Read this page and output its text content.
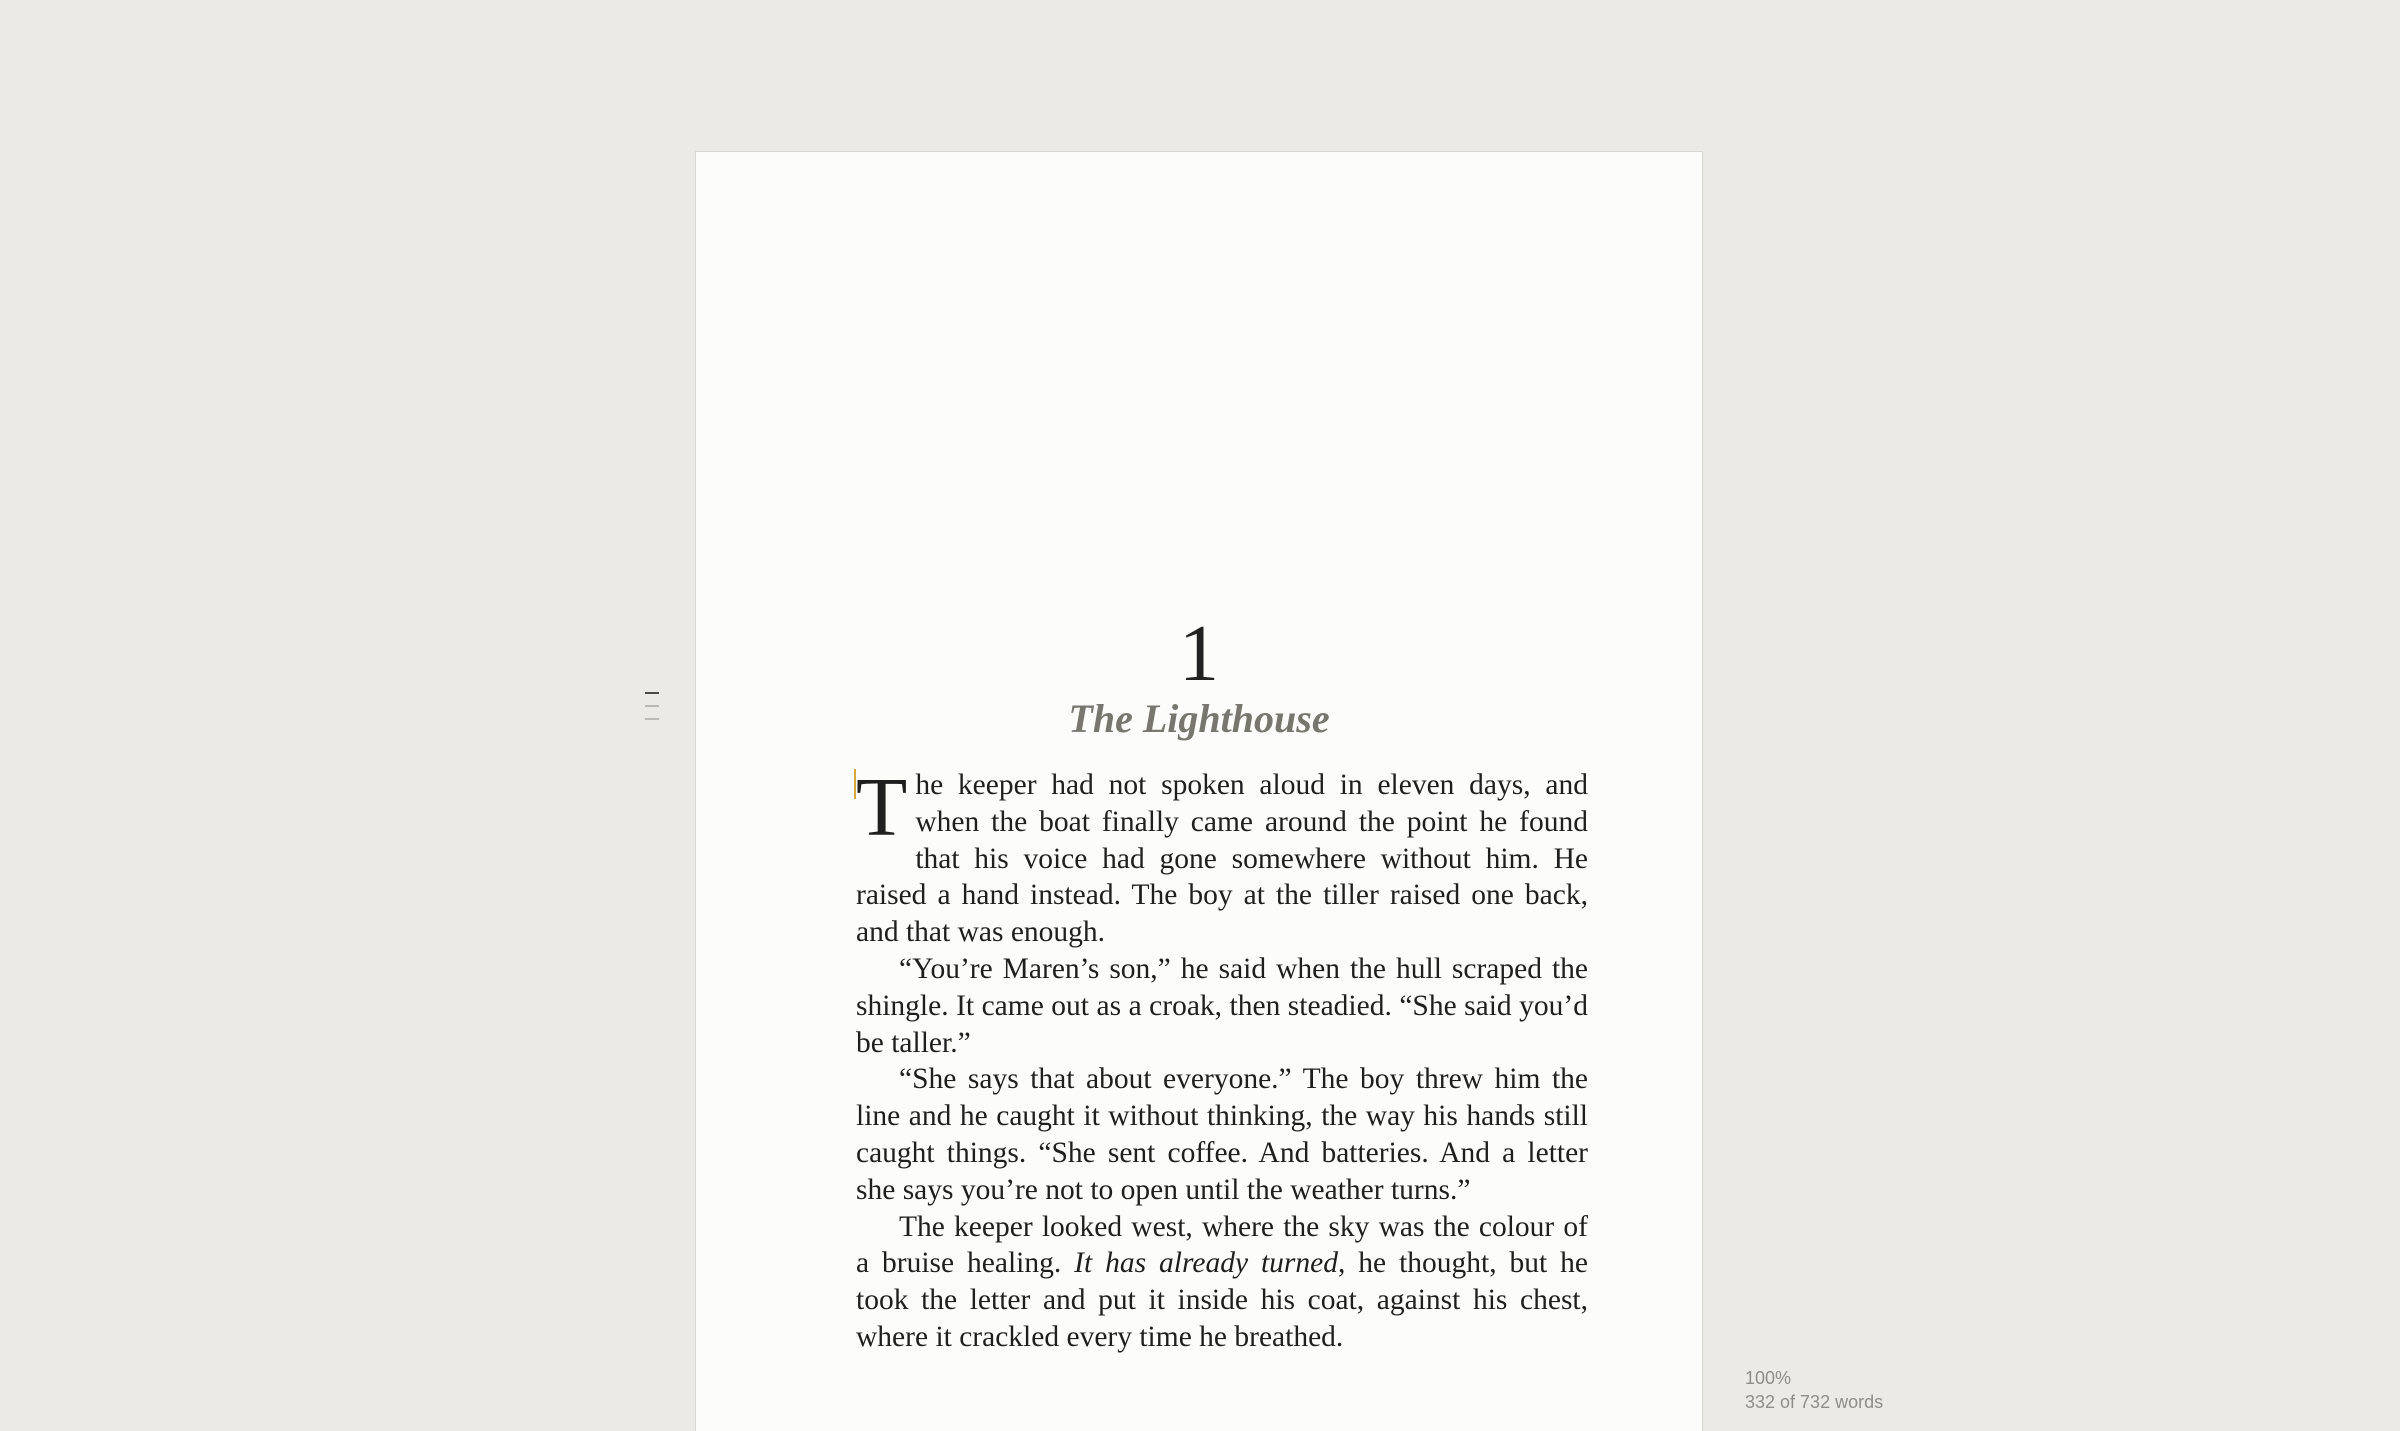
1
The Lighthouse

The keeper had not spoken aloud in eleven days, and when the boat finally came around the point he found that his voice had gone somewhere without him. He raised a hand instead. The boy at the tiller raised one back, and that was enough.

“You’re Maren’s son,” he said when the hull scraped the shingle. It came out as a croak, then steadied. “She said you’d be taller.”

“She says that about everyone.” The boy threw him the line and he caught it without thinking, the way his hands still caught things. “She sent coffee. And batteries. And a letter she says you’re not to open until the weather turns.”

The keeper looked west, where the sky was the colour of a bruise healing. It has already turned, he thought, but he took the letter and put it inside his coat, against his chest, where it crackled every time he breathed.

100%
332 of 732 words
